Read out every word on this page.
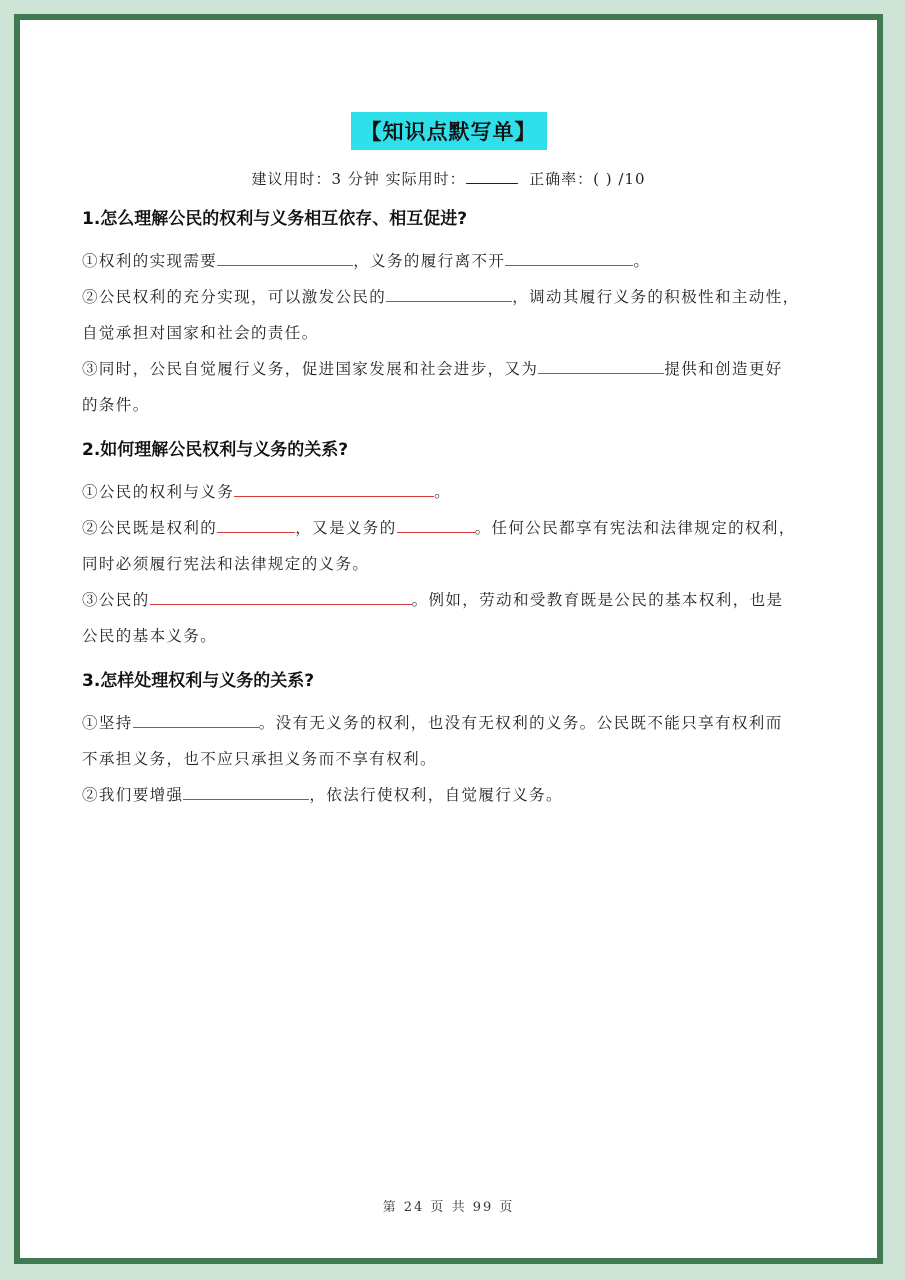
【知识点默写单】
建议用时：3 分钟 实际用时：	正确率：( ) /10
1.怎么理解公民的权利与义务相互依存、相互促进?

①权利的实现需要	，义务的履行离不开	。

②公民权利的充分实现，可以激发公民的	，调动其履行义务的积极性和主动性，

自觉承担对国家和社会的责任。

③同时，公民自觉履行义务，促进国家发展和社会进步，又为	提供和创造更好

的条件。

2.如何理解公民权利与义务的关系?

①公民的权利与义务	。

②公民既是权利的	，又是义务的	。任何公民都享有宪法和法律规定的权利，

同时必须履行宪法和法律规定的义务。

③公民的	。例如，劳动和受教育既是公民的基本权利，也是

公民的基本义务。

3.怎样处理权利与义务的关系?

①坚持	。没有无义务的权利，也没有无权利的义务。公民既不能只享有权利而

不承担义务，也不应只承担义务而不享有权利。

②我们要增强	，依法行使权利，自觉履行义务。

第 24 页 共 99 页
